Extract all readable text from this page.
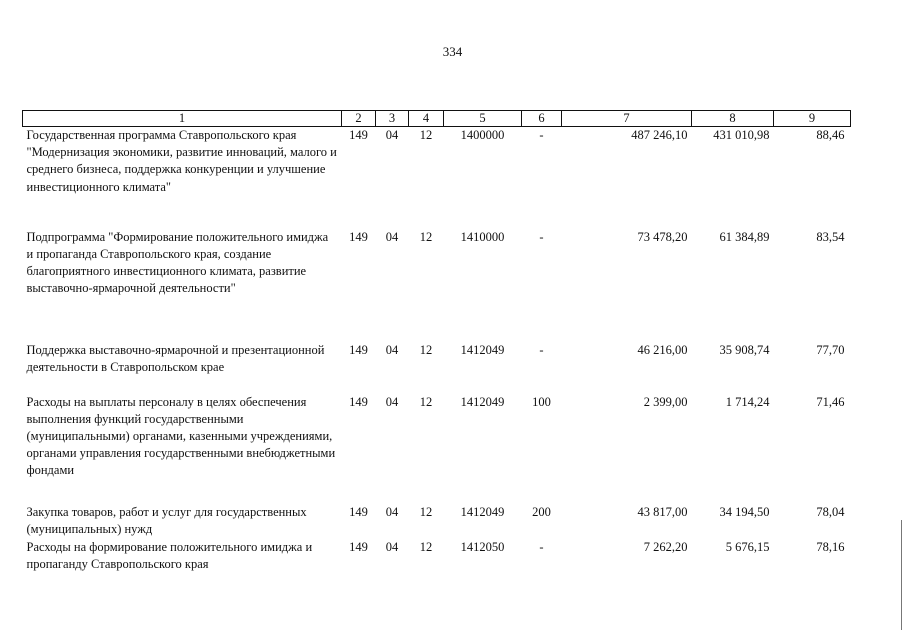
334
1	2	3	4	5	6	7	8	9
Государственная программа Ставропольского края "Модернизация экономики, развитие инноваций, малого и среднего бизнеса, поддержка конкуренции и улучшение инвестиционного климата"	149	04	12	1400000	-	487 246,10	431 010,98	88,46
Подпрограмма "Формирование положительного имиджа и пропаганда Ставропольского края, создание благоприятного инвестиционного климата, развитие выставочно-ярмарочной деятельности"	149	04	12	1410000	-	73 478,20	61 384,89	83,54
Поддержка выставочно-ярмарочной и презентационной деятельности в Ставропольском крае	149	04	12	1412049	-	46 216,00	35 908,74	77,70
Расходы на выплаты персоналу в целях обеспечения выполнения функций государственными (муниципальными) органами, казенными учреждениями, органами управления государственными внебюджетными фондами	149	04	12	1412049	100	2 399,00	1 714,24	71,46
Закупка товаров, работ и услуг для государственных (муниципальных) нужд	149	04	12	1412049	200	43 817,00	34 194,50	78,04
Расходы на формирование положительного имиджа и пропаганду Ставропольского края	149	04	12	1412050	-	7 262,20	5 676,15	78,16
